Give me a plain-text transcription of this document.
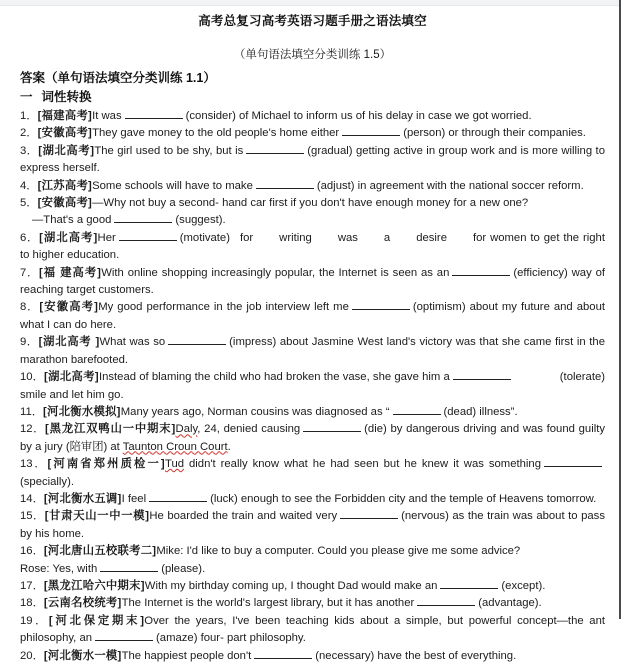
高考总复习高考英语习题手册之语法填空
（单句语法填空分类训练 1.5）
答案（单句语法填空分类训练 1.1）
一 词性转换
1．[福建高考]It was	(consider) of Michael to inform us of his delay in case we got worried.
2．[安徽高考]They gave money to the old people's home either	(person) or through their companies.
3．[湖北高考]The girl used to be shy, but is	(gradual) getting active in group work and is more willing to express herself.
4．[江苏高考]Some schools will have to make	(adjust) in agreement with the national soccer reform.
5．[安徽高考]—Why not buy a second- hand car first if you don't have enough money for a new one?
—That's a good	(suggest).
6．[湖北高考]Her	(motivate) for writing was a desire for women to get the right to higher education.
7．[福 建高考]With online shopping increasingly popular, the Internet is seen as an	(efficiency) way of reaching target customers.
8．[安徽高考]My good performance in the job interview left me	(optimism) about my future and about what I can do here.
9．[湖北高考 ]What was so	(impress) about Jasmine West land's victory was that she came first in the marathon barefooted.
10．[湖北高考]Instead of blaming the child who had broken the vase, she gave him a	(tolerate) smile and let him go.
11．[河北衡水模拟]Many years ago, Norman cousins was diagnosed as “	(dead) illness”.
12．[黑龙江双鸭山一中期末]Daly, 24, denied causing	(die) by dangerous driving and was found guilty by a jury (陪审团) at Taunton Croun Court.
13．[河南省郑州质检一]Tud didn't really know what he had seen but he knew it was something(specially).
14．[河北衡水五调]I feel	(luck) enough to see the Forbidden city and the temple of Heavens tomorrow.
15．[甘肃天山一中一模]He boarded the train and waited very	(nervous) as the train was about to pass by his home.
16．[河北唐山五校联考二]Mike: I'd like to buy a computer. Could you please give me some advice?
Rose: Yes, with	(please).
17．[黑龙江哈六中期末]With my birthday coming up, I thought Dad would make an	(except).
18．[云南名校统考]The Internet is the world's largest library, but it has another	(advantage).
19．[河北保定期末]Over the years, I've been teaching kids about a simple, but powerful concept—the ant philosophy, an	(amaze) four- part philosophy.
20．[河北衡水一模]The happiest people don't	(necessary) have the best of everything.
